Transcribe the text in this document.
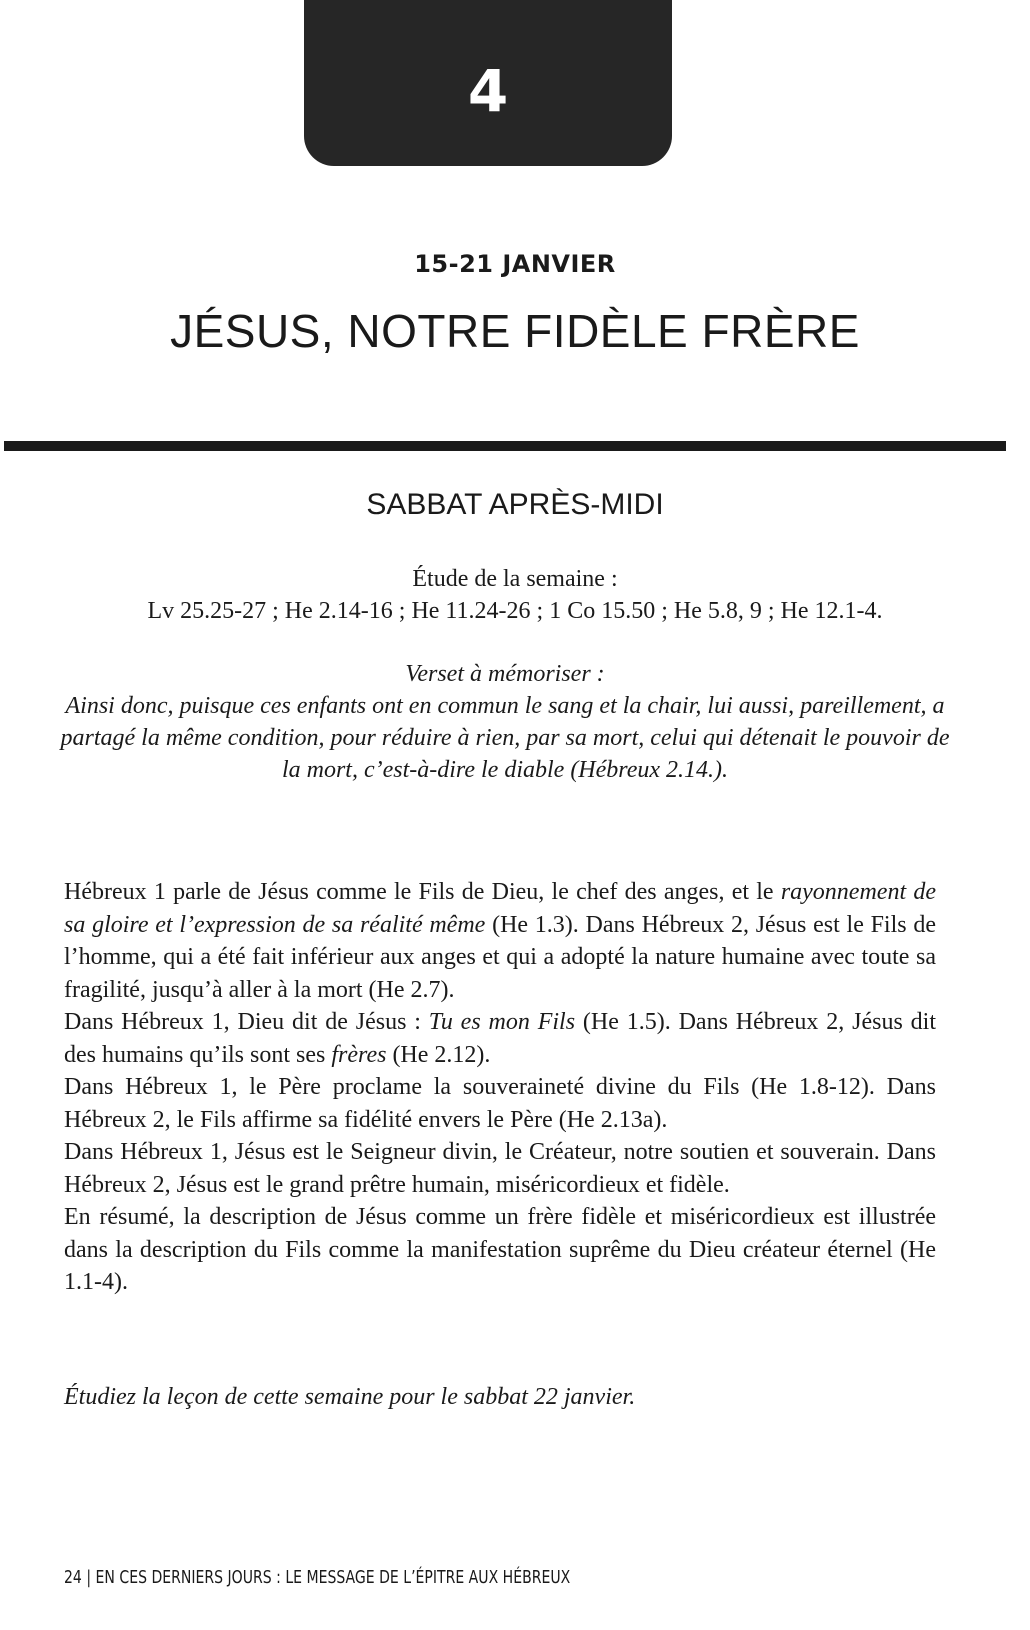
4
15-21 JANVIER
JÉSUS, NOTRE FIDÈLE FRÈRE
SABBAT APRÈS-MIDI
Étude de la semaine :
Lv 25.25-27 ; He 2.14-16 ; He 11.24-26 ; 1 Co 15.50 ; He 5.8, 9 ; He 12.1-4.

Verset à mémoriser :

Ainsi donc, puisque ces enfants ont en commun le sang et la chair, lui aussi, pareillement, a partagé la même condition, pour réduire à rien, par sa mort, celui qui détenait le pouvoir de la mort, c’est-à-dire le diable (Hébreux 2.14.).

Hébreux 1 parle de Jésus comme le Fils de Dieu, le chef des anges, et le rayonnement de sa gloire et l’expression de sa réalité même (He 1.3). Dans Hébreux 2, Jésus est le Fils de l’homme, qui a été fait inférieur aux anges et qui a adopté la nature humaine avec toute sa fragilité, jusqu’à aller à la mort (He 2.7).

Dans Hébreux 1, Dieu dit de Jésus : Tu es mon Fils (He 1.5). Dans Hébreux 2, Jésus dit des humains qu’ils sont ses frères (He 2.12).

Dans Hébreux 1, le Père proclame la souveraineté divine du Fils (He 1.8-12). Dans Hébreux 2, le Fils affirme sa fidélité envers le Père (He 2.13a).

Dans Hébreux 1, Jésus est le Seigneur divin, le Créateur, notre soutien et souverain. Dans Hébreux 2, Jésus est le grand prêtre humain, miséricordieux et fidèle.

En résumé, la description de Jésus comme un frère fidèle et miséricordieux est illustrée dans la description du Fils comme la manifestation suprême du Dieu créateur éternel (He 1.1-4).

Étudiez la leçon de cette semaine pour le sabbat 22 janvier.
24 | EN CES DERNIERS JOURS : LE MESSAGE DE L’ÉPITRE AUX HÉBREUX
